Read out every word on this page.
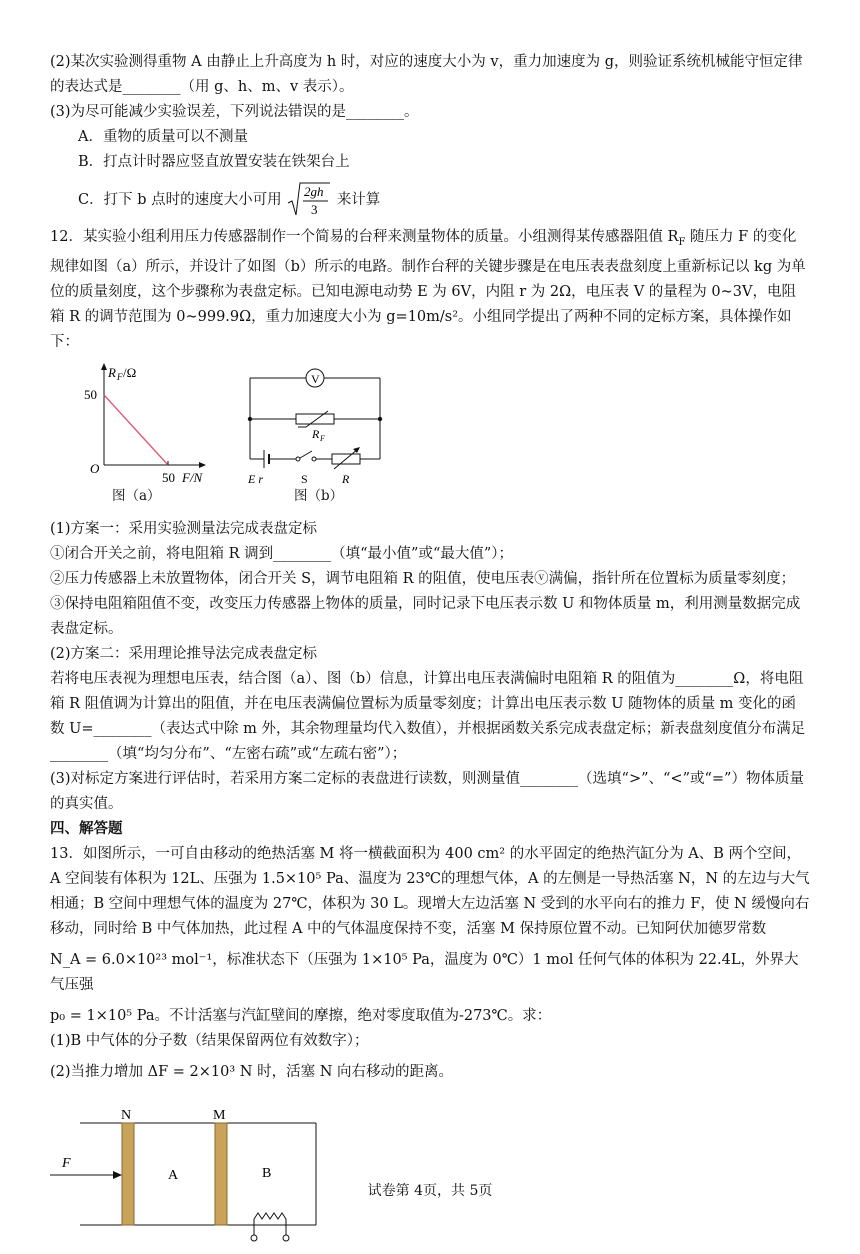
(2)某次实验测得重物 A 由静止上升高度为 h 时，对应的速度大小为 v，重力加速度为 g，则验证系统机械能守恒定律的表达式是________（用 g、h、m、v 表示）。

(3)为尽可能减少实验误差，下列说法错误的是________。

A．重物的质量可以不测量

B．打点计时器应竖直放置安装在铁架台上

C．打下 b 点时的速度大小可用
2gh
3
来计算

12．某实验小组利用压力传感器制作一个简易的台秤来测量物体的质量。小组测得某传感器阻值 $R_F$ 随压力 F 的变化规律如图（a）所示，并设计了如图（b）所示的电路。制作台秤的关键步骤是在电压表表盘刻度上重新标记以 kg 为单位的质量刻度，这个步骤称为表盘定标。已知电源电动势 E 为 6V，内阻 r 为 2Ω，电压表 V 的量程为 0~3V，电阻箱 R 的调节范围为 0~999.9Ω，重力加速度大小为 g=10m/s²。小组同学提出了两种不同的定标方案，具体操作如下：

R F /Ω
50
O
50 F/N
图（a）
V
R F
E r	S	R
图（b）

(1)方案一：采用实验测量法完成表盘定标

①闭合开关之前，将电阻箱 R 调到________（填“最小值”或“最大值”）；

②压力传感器上未放置物体，闭合开关 S，调节电阻箱 R 的阻值，使电压表ⓥ满偏，指针所在位置标为质量零刻度；

③保持电阻箱阻值不变，改变压力传感器上物体的质量，同时记录下电压表示数 U 和物体质量 m，利用测量数据完成表盘定标。

(2)方案二：采用理论推导法完成表盘定标

若将电压表视为理想电压表，结合图（a）、图（b）信息，计算出电压表满偏时电阻箱 R 的阻值为________Ω，将电阻箱 R 阻值调为计算出的阻值，并在电压表满偏位置标为质量零刻度；计算出电压表示数 U 随物体的质量 m 变化的函数 U=________（表达式中除 m 外，其余物理量均代入数值），并根据函数关系完成表盘定标；新表盘刻度值分布满足________（填“均匀分布”、“左密右疏”或“左疏右密”）；

(3)对标定方案进行评估时，若采用方案二定标的表盘进行读数，则测量值________（选填“>”、“<”或“=”）物体质量的真实值。

四、解答题

13．如图所示，一可自由移动的绝热活塞 M 将一横截面积为 400 cm² 的水平固定的绝热汽缸分为 A、B 两个空间，A 空间装有体积为 12L、压强为 1.5×10⁵ Pa、温度为 23℃的理想气体，A 的左侧是一导热活塞 N，N 的左边与大气相通；B 空间中理想气体的温度为 27℃，体积为 30 L。现增大左边活塞 N 受到的水平向右的推力 F，使 N 缓慢向右移动，同时给 B 中气体加热，此过程 A 中的气体温度保持不变，活塞 M 保持原位置不动。已知阿伏加德罗常数

N_A = 6.0×10²³ mol⁻¹，标准状态下（压强为 1×10⁵ Pa，温度为 0℃）1 mol 任何气体的体积为 22.4L，外界大气压强

p₀ = 1×10⁵ Pa。不计活塞与汽缸壁间的摩擦，绝对零度取值为-273℃。求：

(1)B 中气体的分子数（结果保留两位有效数字）；

(2)当推力增加 ΔF = 2×10³ N 时，活塞 N 向右移动的距离。

N	M
F
A	B
试卷第 4页，共 5页
